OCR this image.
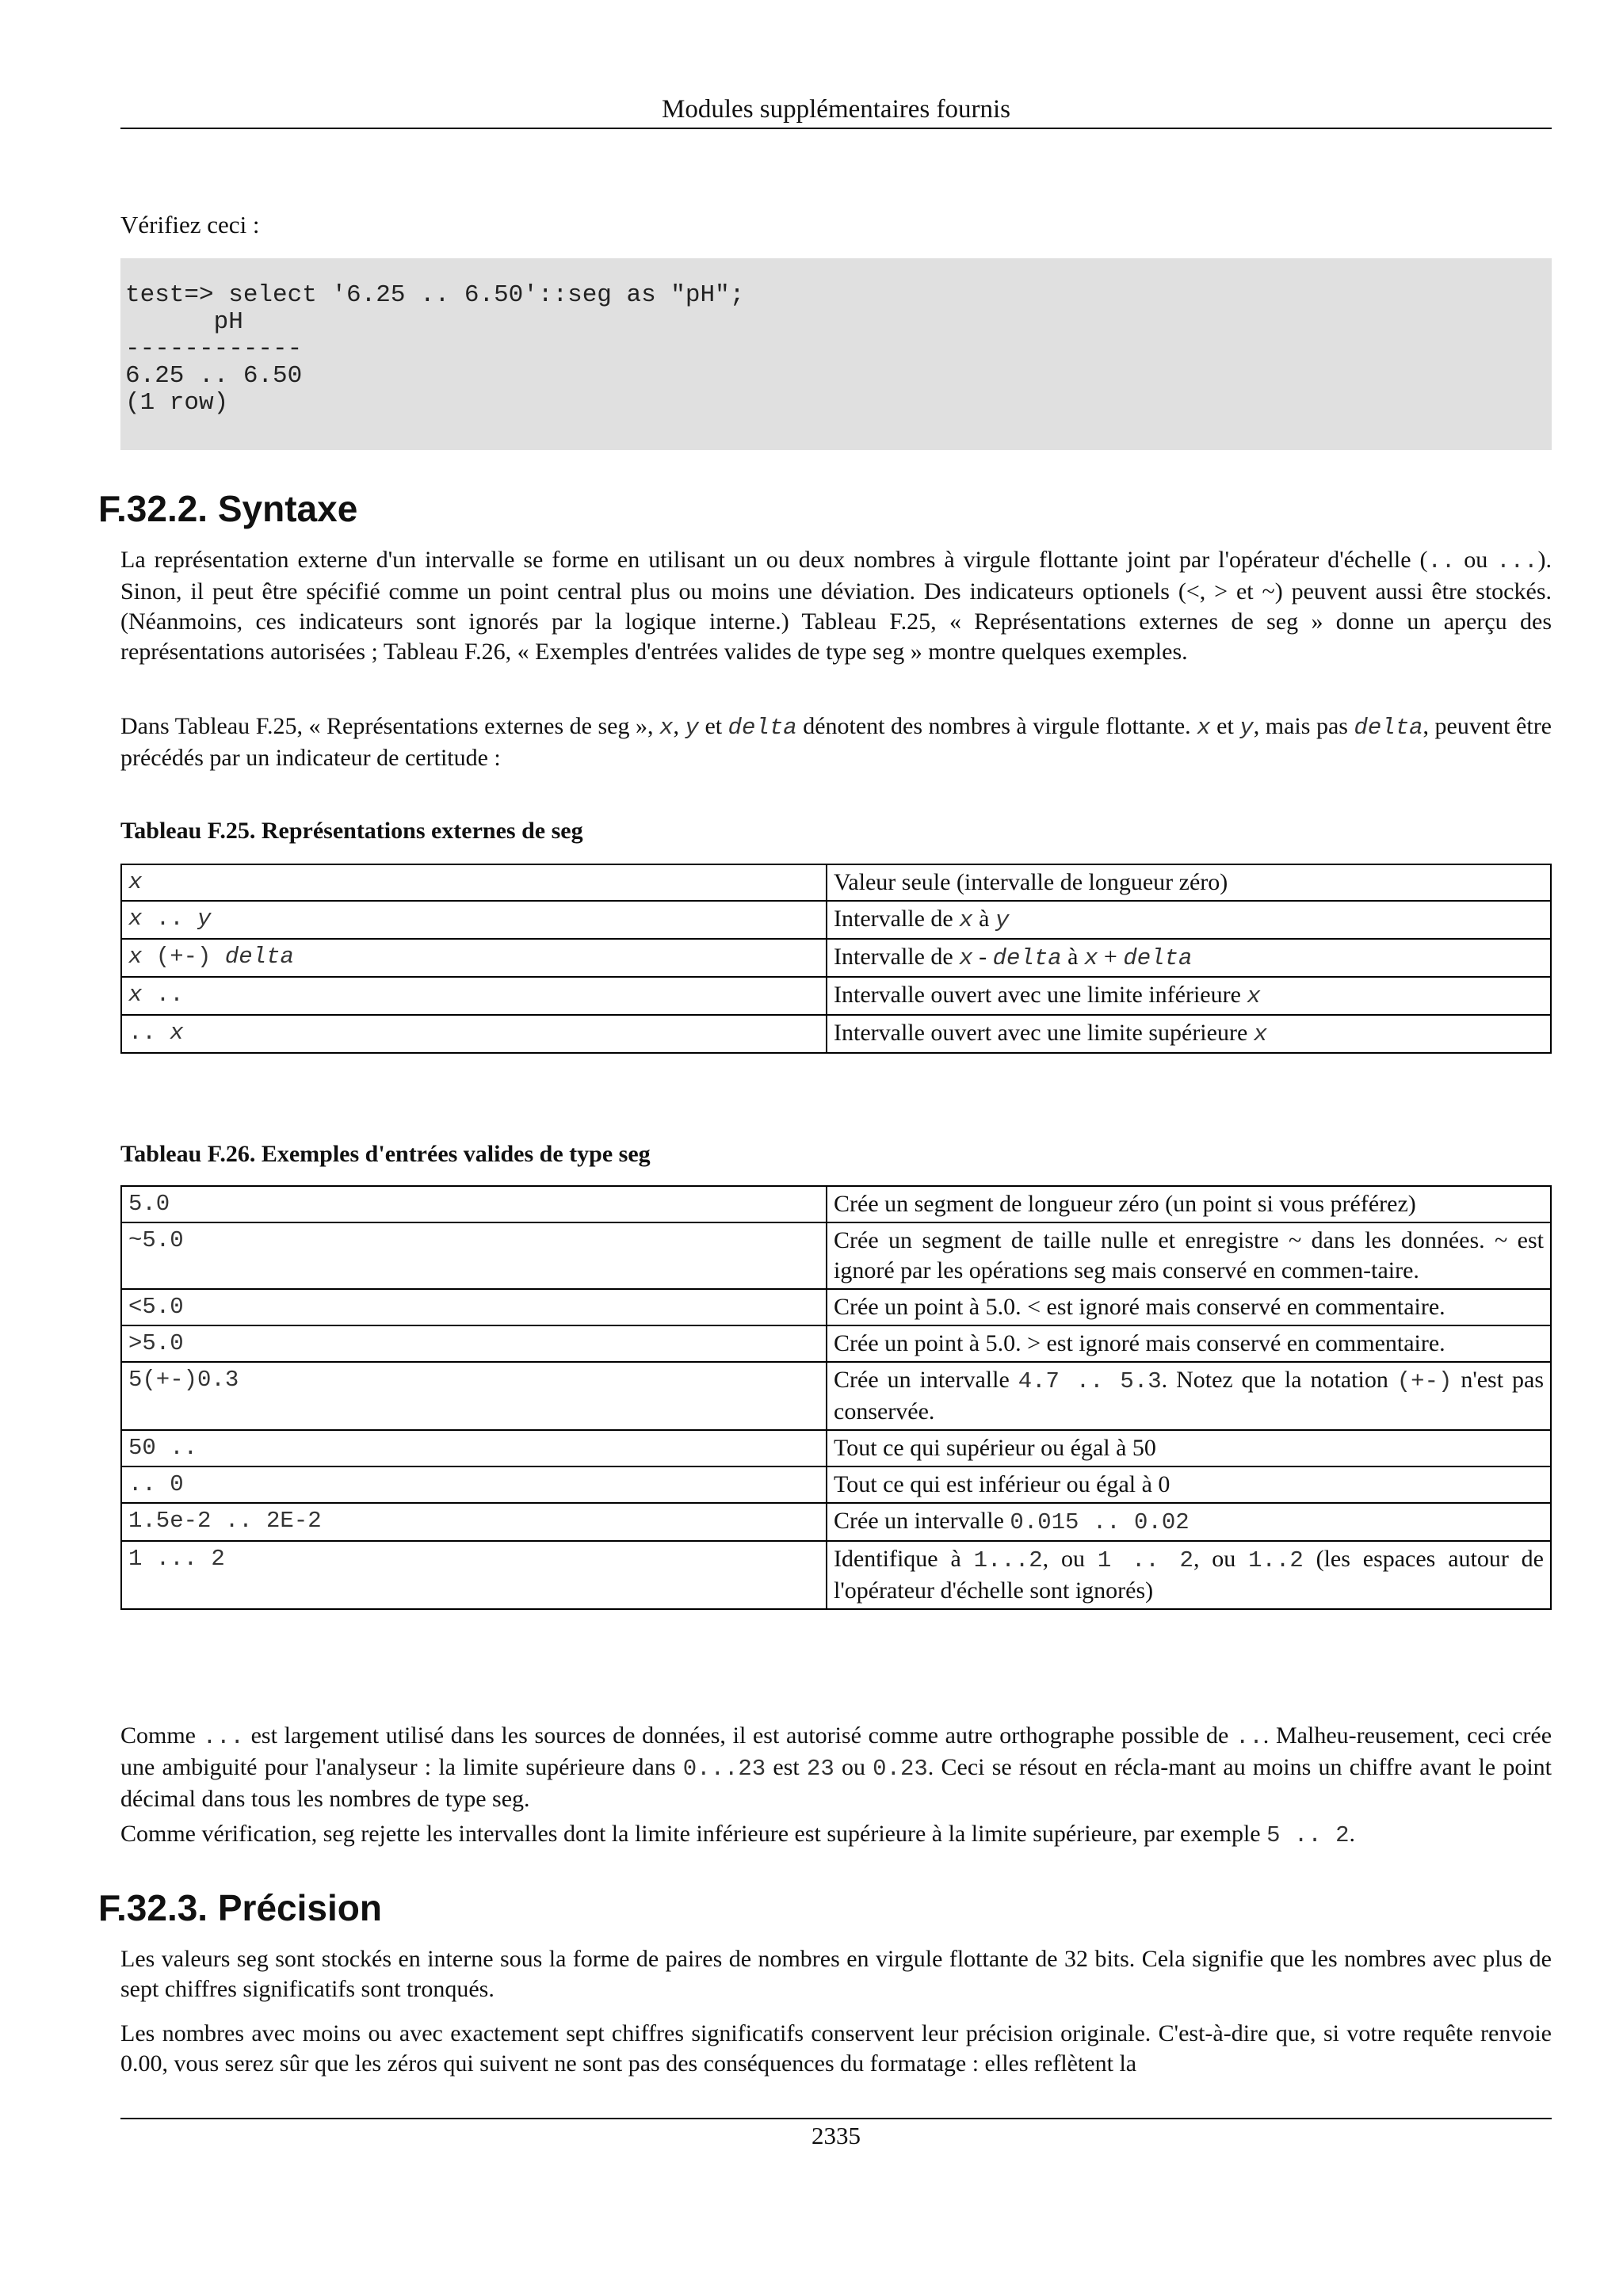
Modules supplémentaires fournis

Vérifiez ceci :

test=> select '6.25 .. 6.50'::seg as "pH";
pH
------------
6.25 .. 6.50
(1 row)
F.32.2. Syntaxe

La représentation externe d'un intervalle se forme en utilisant un ou deux nombres à virgule flottante joint par l'opérateur d'échelle (.. ou ...). Sinon, il peut être spécifié comme un point central plus ou moins une déviation. Des indicateurs optionels (<, > et ~) peuvent aussi être stockés. (Néanmoins, ces indicateurs sont ignorés par la logique interne.) Tableau F.25, « Représentations externes de seg » donne un aperçu des représentations autorisées ; Tableau F.26, « Exemples d'entrées valides de type seg » montre quelques exemples.

Dans Tableau F.25, « Représentations externes de seg », x, y et delta dénotent des nombres à virgule flottante. x et y, mais pas delta, peuvent être précédés par un indicateur de certitude :

Tableau F.25. Représentations externes de seg

x	Valeur seule (intervalle de longueur zéro)
x .. y	Intervalle de x à y
x (+-) delta	Intervalle de x - delta à x + delta
x ..	Intervalle ouvert avec une limite inférieure x
.. x	Intervalle ouvert avec une limite supérieure x

Tableau F.26. Exemples d'entrées valides de type seg

5.0	Crée un segment de longueur zéro (un point si vous préférez)
~5.0	Crée un segment de taille nulle et enregistre ~ dans les données. ~ est ignoré par les opérations seg mais conservé en commen-taire.
<5.0	Crée un point à 5.0. < est ignoré mais conservé en commentaire.
>5.0	Crée un point à 5.0. > est ignoré mais conservé en commentaire.
5(+-)0.3	Crée un intervalle 4.7 .. 5.3. Notez que la notation (+-) n'est pas conservée.
50 ..	Tout ce qui supérieur ou égal à 50
.. 0	Tout ce qui est inférieur ou égal à 0
1.5e-2 .. 2E-2	Crée un intervalle 0.015 .. 0.02
1 ... 2	Identifique à 1...2, ou 1 .. 2, ou 1..2 (les espaces autour de l'opérateur d'échelle sont ignorés)

Comme ... est largement utilisé dans les sources de données, il est autorisé comme autre orthographe possible de ... Malheu-reusement, ceci crée une ambiguité pour l'analyseur : la limite supérieure dans 0...23 est 23 ou 0.23. Ceci se résout en récla-mant au moins un chiffre avant le point décimal dans tous les nombres de type seg.

Comme vérification, seg rejette les intervalles dont la limite inférieure est supérieure à la limite supérieure, par exemple 5 .. 2.

F.32.3. Précision

Les valeurs seg sont stockés en interne sous la forme de paires de nombres en virgule flottante de 32 bits. Cela signifie que les nombres avec plus de sept chiffres significatifs sont tronqués.

Les nombres avec moins ou avec exactement sept chiffres significatifs conservent leur précision originale. C'est-à-dire que, si votre requête renvoie 0.00, vous serez sûr que les zéros qui suivent ne sont pas des conséquences du formatage : elles reflètent la

2335
